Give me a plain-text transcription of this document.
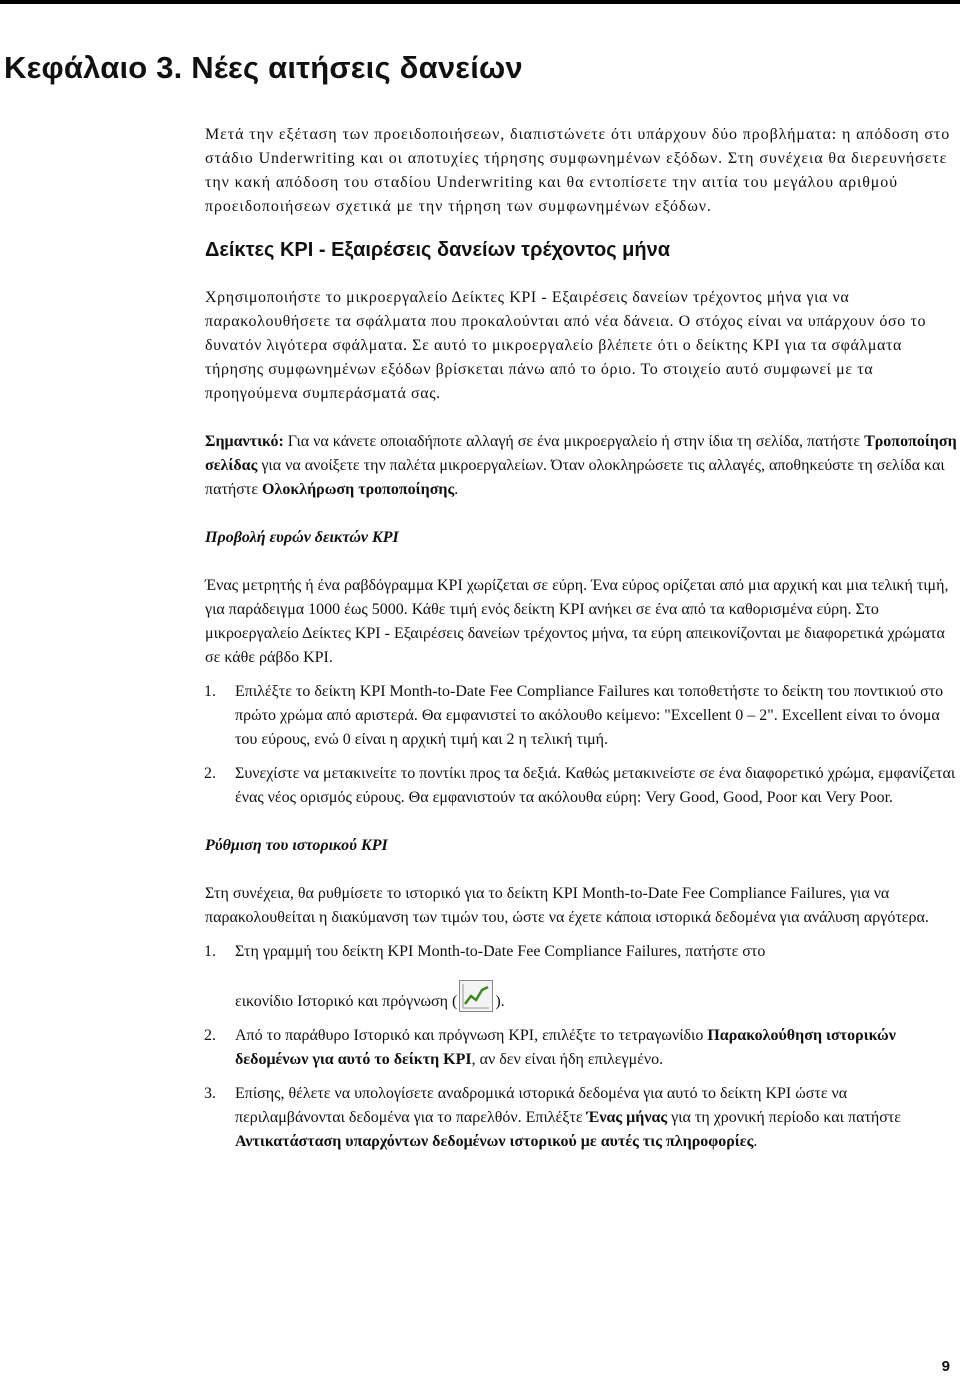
Κεφάλαιο 3. Νέες αιτήσεις δανείων

Μετά την εξέταση των προειδοποιήσεων, διαπιστώνετε ότι υπάρχουν δύο προβλήματα: η απόδοση στο στάδιο Underwriting και οι αποτυχίες τήρησης συμφωνημένων εξόδων. Στη συνέχεια θα διερευνήσετε την κακή απόδοση του σταδίου Underwriting και θα εντοπίσετε την αιτία του μεγάλου αριθμού προειδοποιήσεων σχετικά με την τήρηση των συμφωνημένων εξόδων.

Δείκτες KPI - Εξαιρέσεις δανείων τρέχοντος μήνα

Χρησιμοποιήστε το μικροεργαλείο Δείκτες KPI - Εξαιρέσεις δανείων τρέχοντος μήνα για να παρακολουθήσετε τα σφάλματα που προκαλούνται από νέα δάνεια. Ο στόχος είναι να υπάρχουν όσο το δυνατόν λιγότερα σφάλματα. Σε αυτό το μικροεργαλείο βλέπετε ότι ο δείκτης KPI για τα σφάλματα τήρησης συμφωνημένων εξόδων βρίσκεται πάνω από το όριο. Το στοιχείο αυτό συμφωνεί με τα προηγούμενα συμπεράσματά σας.

Σημαντικό: Για να κάνετε οποιαδήποτε αλλαγή σε ένα μικροεργαλείο ή στην ίδια τη σελίδα, πατήστε Τροποποίηση σελίδας για να ανοίξετε την παλέτα μικροεργαλείων. Όταν ολοκληρώσετε τις αλλαγές, αποθηκεύστε τη σελίδα και πατήστε Ολοκλήρωση τροποποίησης.

Προβολή ευρών δεικτών KPI

Ένας μετρητής ή ένα ραβδόγραμμα KPI χωρίζεται σε εύρη. Ένα εύρος ορίζεται από μια αρχική και μια τελική τιμή, για παράδειγμα 1000 έως 5000. Κάθε τιμή ενός δείκτη KPI ανήκει σε ένα από τα καθορισμένα εύρη. Στο μικροεργαλείο Δείκτες KPI - Εξαιρέσεις δανείων τρέχοντος μήνα, τα εύρη απεικονίζονται με διαφορετικά χρώματα σε κάθε ράβδο KPI.

1. Επιλέξτε το δείκτη KPI Month-to-Date Fee Compliance Failures και τοποθετήστε το δείκτη του ποντικιού στο πρώτο χρώμα από αριστερά. Θα εμφανιστεί το ακόλουθο κείμενο: "Excellent 0 – 2". Excellent είναι το όνομα του εύρους, ενώ 0 είναι η αρχική τιμή και 2 η τελική τιμή.
2. Συνεχίστε να μετακινείτε το ποντίκι προς τα δεξιά. Καθώς μετακινείστε σε ένα διαφορετικό χρώμα, εμφανίζεται ένας νέος ορισμός εύρους. Θα εμφανιστούν τα ακόλουθα εύρη: Very Good, Good, Poor και Very Poor.

Ρύθμιση του ιστορικού KPI

Στη συνέχεια, θα ρυθμίσετε το ιστορικό για το δείκτη KPI Month-to-Date Fee Compliance Failures, για να παρακολουθείται η διακύμανση των τιμών του, ώστε να έχετε κάποια ιστορικά δεδομένα για ανάλυση αργότερα.

1. Στη γραμμή του δείκτη KPI Month-to-Date Fee Compliance Failures, πατήστε στο
εικονίδιο Ιστορικό και πρόγνωση ( ).
2. Από το παράθυρο Ιστορικό και πρόγνωση KPI, επιλέξτε το τετραγωνίδιο Παρακολούθηση ιστορικών δεδομένων για αυτό το δείκτη KPI, αν δεν είναι ήδη επιλεγμένο.
3. Επίσης, θέλετε να υπολογίσετε αναδρομικά ιστορικά δεδομένα για αυτό το δείκτη KPI ώστε να περιλαμβάνονται δεδομένα για το παρελθόν. Επιλέξτε Ένας μήνας για τη χρονική περίοδο και πατήστε Αντικατάσταση υπαρχόντων δεδομένων ιστορικού με αυτές τις πληροφορίες.
9
